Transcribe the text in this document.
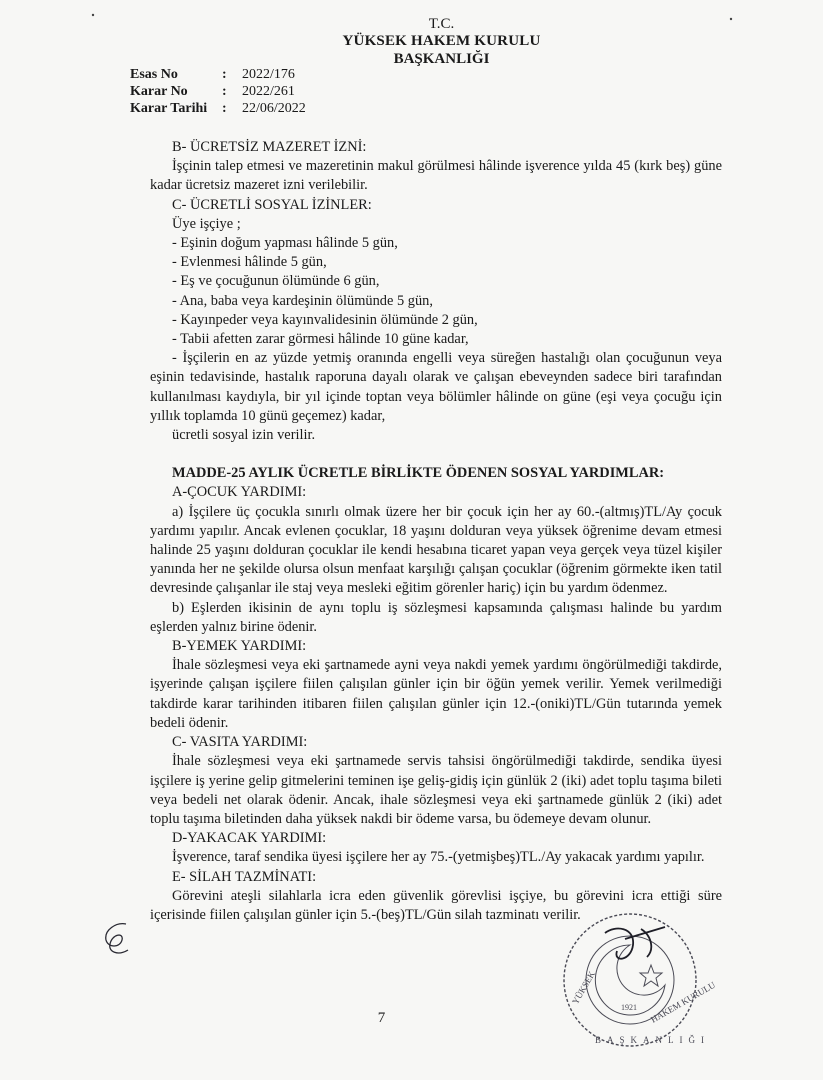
T.C.
YÜKSEK HAKEM KURULU
BAŞKANLIĞI
Esas No	:	2022/176
Karar No	:	2022/261
Karar Tarihi	:	22/06/2022

B- ÜCRETSİZ MAZERET İZNİ:

İşçinin talep etmesi ve mazeretinin makul görülmesi hâlinde işverence yılda 45 (kırk beş) güne kadar ücretsiz mazeret izni verilebilir.

C- ÜCRETLİ SOSYAL İZİNLER:

Üye işçiye ;

- Eşinin doğum yapması hâlinde 5 gün,

- Evlenmesi hâlinde 5 gün,

- Eş ve çocuğunun ölümünde 6 gün,

- Ana, baba veya kardeşinin ölümünde 5 gün,

- Kayınpeder veya kayınvalidesinin ölümünde 2 gün,

- Tabii afetten zarar görmesi hâlinde 10 güne kadar,

- İşçilerin en az yüzde yetmiş oranında engelli veya süreğen hastalığı olan çocuğunun veya eşinin tedavisinde, hastalık raporuna dayalı olarak ve çalışan ebeveynden sadece biri tarafından kullanılması kaydıyla, bir yıl içinde toptan veya bölümler hâlinde on güne (eşi veya çocuğu için yıllık toplamda 10 günü geçemez) kadar,

ücretli sosyal izin verilir.

MADDE-25 AYLIK ÜCRETLE BİRLİKTE ÖDENEN SOSYAL YARDIMLAR:

A-ÇOCUK YARDIMI:

a) İşçilere üç çocukla sınırlı olmak üzere her bir çocuk için her ay 60.-(altmış)TL/Ay çocuk yardımı yapılır. Ancak evlenen çocuklar, 18 yaşını dolduran veya yüksek öğrenime devam etmesi halinde 25 yaşını dolduran çocuklar ile kendi hesabına ticaret yapan veya gerçek veya tüzel kişiler yanında her ne şekilde olursa olsun menfaat karşılığı çalışan çocuklar (öğrenim görmekte iken tatil devresinde çalışanlar ile staj veya mesleki eğitim görenler hariç) için bu yardım ödenmez.

b) Eşlerden ikisinin de aynı toplu iş sözleşmesi kapsamında çalışması halinde bu yardım eşlerden yalnız birine ödenir.

B-YEMEK YARDIMI:

İhale sözleşmesi veya eki şartnamede ayni veya nakdi yemek yardımı öngörülmediği takdirde, işyerinde çalışan işçilere fiilen çalışılan günler için bir öğün yemek verilir. Yemek verilmediği takdirde karar tarihinden itibaren fiilen çalışılan günler için 12.-(oniki)TL/Gün tutarında yemek bedeli ödenir.

C- VASITA YARDIMI:

İhale sözleşmesi veya eki şartnamede servis tahsisi öngörülmediği takdirde, sendika üyesi işçilere iş yerine gelip gitmelerini teminen işe geliş-gidiş için günlük 2 (iki) adet toplu taşıma bileti veya bedeli net olarak ödenir. Ancak, ihale sözleşmesi veya eki şartnamede günlük 2 (iki) adet toplu taşıma biletinden daha yüksek nakdi bir ödeme varsa, bu ödemeye devam olunur.

D-YAKACAK YARDIMI:

İşverence, taraf sendika üyesi işçilere her ay 75.-(yetmişbeş)TL./Ay yakacak yardımı yapılır.

E- SİLAH TAZMİNATI:

Görevini ateşli silahlarla icra eden güvenlik görevlisi işçiye, bu görevini icra ettiği süre içerisinde fiilen çalışılan günler için 5.-(beş)TL/Gün silah tazminatı verilir.

7
YÜKSEK	HAKEM KURULU
BAŞKANLIĞI
1921
